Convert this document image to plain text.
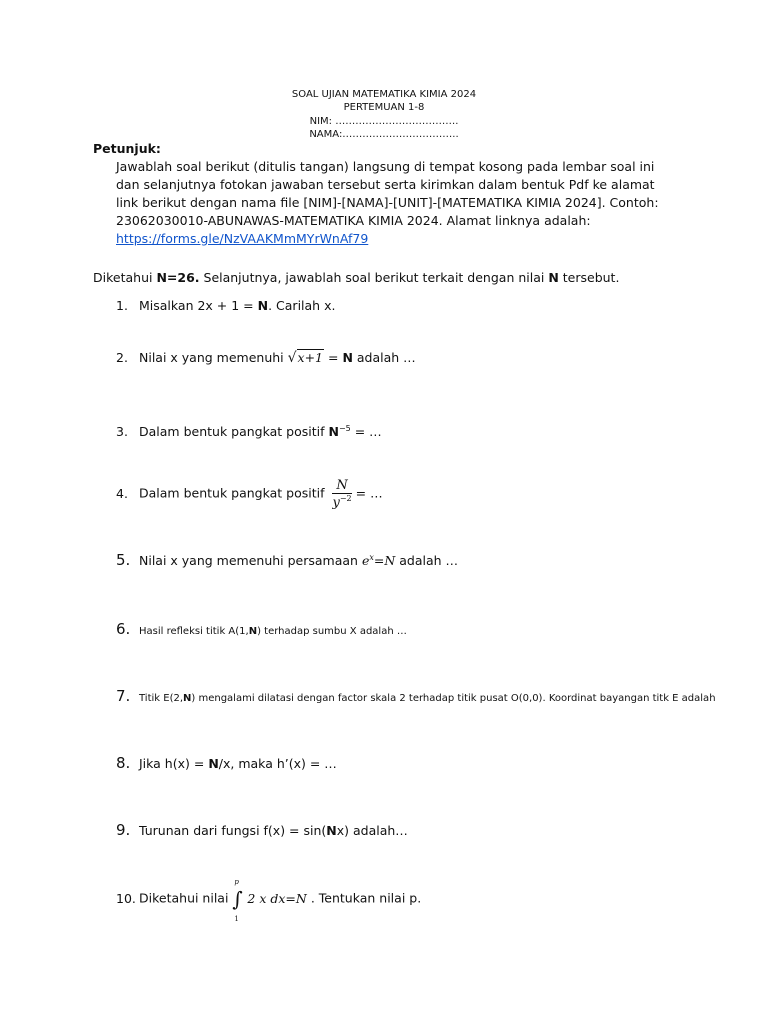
SOAL UJIAN MATEMATIKA KIMIA 2024
PERTEMUAN 1-8
NIM: ……………………………….
NAMA:……………………………..
Petunjuk:
Jawablah soal berikut (ditulis tangan) langsung di tempat kosong pada lembar soal ini dan selanjutnya fotokan jawaban tersebut serta kirimkan dalam bentuk Pdf ke alamat link berikut dengan nama file [NIM]-[NAMA]-[UNIT]-[MATEMATIKA KIMIA 2024]. Contoh: 23062030010-ABUNAWAS-MATEMATIKA KIMIA 2024. Alamat linknya adalah:
https://forms.gle/NzVAAKMmMYrWnAf79
Diketahui N=26. Selanjutnya, jawablah soal berikut terkait dengan nilai N tersebut.
1. Misalkan 2x + 1 = N. Carilah x.
2. Nilai x yang memenuhi √x+1 = N adalah …
3. Dalam bentuk pangkat positif $N^{-5}$ = …
4. Dalam bentuk pangkat positif $\frac{N}{y^{-2}}$ = …
5. Nilai x yang memenuhi persamaan $e^x=N$ adalah …
6. Hasil refleksi titik A(1,N) terhadap sumbu X adalah …
7. Titik E(2,N) mengalami dilatasi dengan factor skala 2 terhadap titik pusat O(0,0). Koordinat bayangan titk E adalah
8. Jika h(x) = N/x, maka h’(x) = …
9. Turunan dari fungsi f(x) = sin(Nx) adalah…
10. Diketahui nilai ∫
p
1
2 x dx=N . Tentukan nilai p.
